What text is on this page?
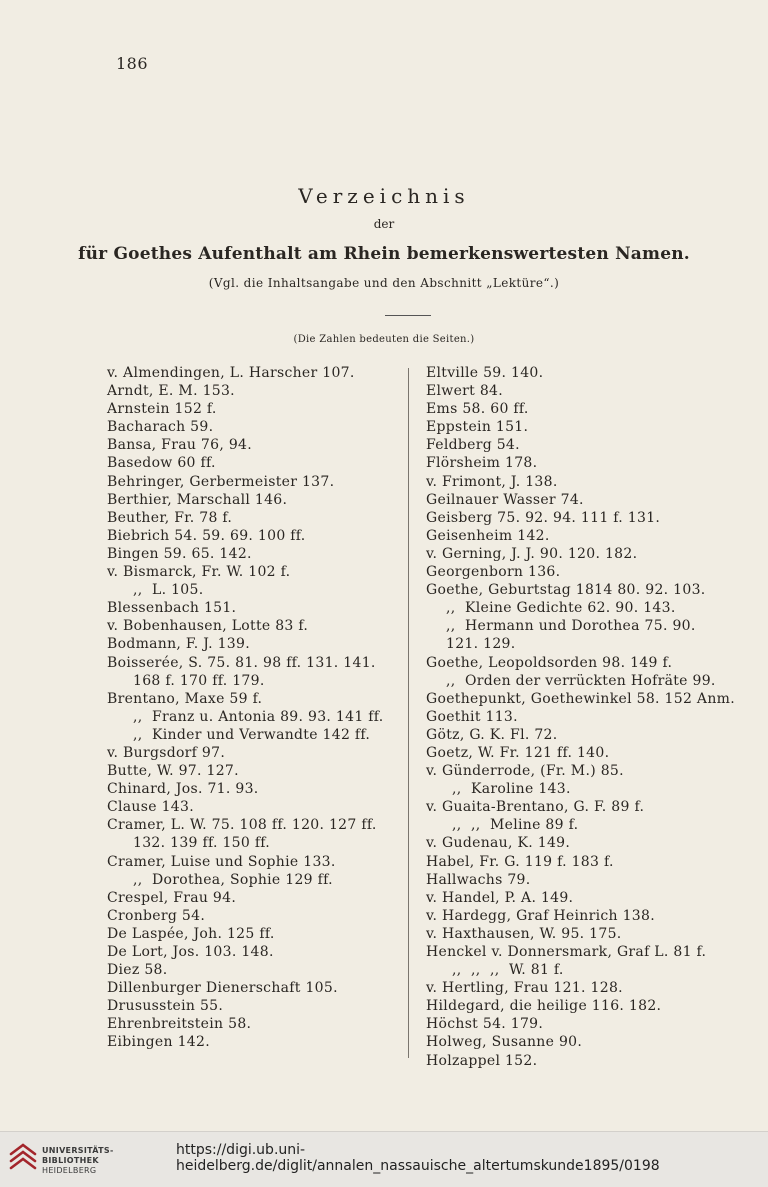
186
Verzeichnis
der
für Goethes Aufenthalt am Rhein bemerkenswertesten Namen.
(Vgl. die Inhaltsangabe und den Abschnitt „Lektüre“.)
(Die Zahlen bedeuten die Seiten.)
v. Almendingen, L. Harscher 107.
Arndt, E. M. 153.
Arnstein 152 f.
Bacharach 59.
Bansa, Frau 76, 94.
Basedow 60 ff.
Behringer, Gerbermeister 137.
Berthier, Marschall 146.
Beuther, Fr. 78 f.
Biebrich 54. 59. 69. 100 ff.
Bingen 59. 65. 142.
v. Bismarck, Fr. W. 102 f.
,,  L. 105.
Blessenbach 151.
v. Bobenhausen, Lotte 83 f.
Bodmann, F. J. 139.
Boisserée, S. 75. 81. 98 ff. 131. 141.
168 f. 170 ff. 179.
Brentano, Maxe 59 f.
,,  Franz u. Antonia 89. 93. 141 ff.
,,  Kinder und Verwandte 142 ff.
v. Burgsdorf 97.
Butte, W. 97. 127.
Chinard, Jos. 71. 93.
Clause 143.
Cramer, L. W. 75. 108 ff. 120. 127 ff.
132. 139 ff. 150 ff.
Cramer, Luise und Sophie 133.
,,  Dorothea, Sophie 129 ff.
Crespel, Frau 94.
Cronberg 54.
De Laspée, Joh. 125 ff.
De Lort, Jos. 103. 148.
Diez 58.
Dillenburger Dienerschaft 105.
Drususstein 55.
Ehrenbreitstein 58.
Eibingen 142.
Eltville 59. 140.
Elwert 84.
Ems 58. 60 ff.
Eppstein 151.
Feldberg 54.
Flörsheim 178.
v. Frimont, J. 138.
Geilnauer Wasser 74.
Geisberg 75. 92. 94. 111 f. 131.
Geisenheim 142.
v. Gerning, J. J. 90. 120. 182.
Georgenborn 136.
Goethe, Geburtstag 1814 80. 92. 103.
,,  Kleine Gedichte 62. 90. 143.
,,  Hermann und Dorothea 75. 90.
121. 129.
Goethe, Leopoldsorden 98. 149 f.
,,  Orden der verrückten Hofräte 99.
Goethepunkt, Goethewinkel 58. 152 Anm.
Goethit 113.
Götz, G. K. Fl. 72.
Goetz, W. Fr. 121 ff. 140.
v. Günderrode, (Fr. M.) 85.
,,  Karoline 143.
v. Guaita-Brentano, G. F. 89 f.
,,  ,,  Meline 89 f.
v. Gudenau, K. 149.
Habel, Fr. G. 119 f. 183 f.
Hallwachs 79.
v. Handel, P. A. 149.
v. Hardegg, Graf Heinrich 138.
v. Haxthausen, W. 95. 175.
Henckel v. Donnersmark, Graf L. 81 f.
,,  ,,  ,,  W. 81 f.
v. Hertling, Frau 121. 128.
Hildegard, die heilige 116. 182.
Höchst 54. 179.
Holweg, Susanne 90.
Holzappel 152.
UNIVERSITÄTS-
BIBLIOTHEK
HEIDELBERG
https://digi.ub.uni-heidelberg.de/diglit/annalen_nassauische_altertumskunde1895/0198
